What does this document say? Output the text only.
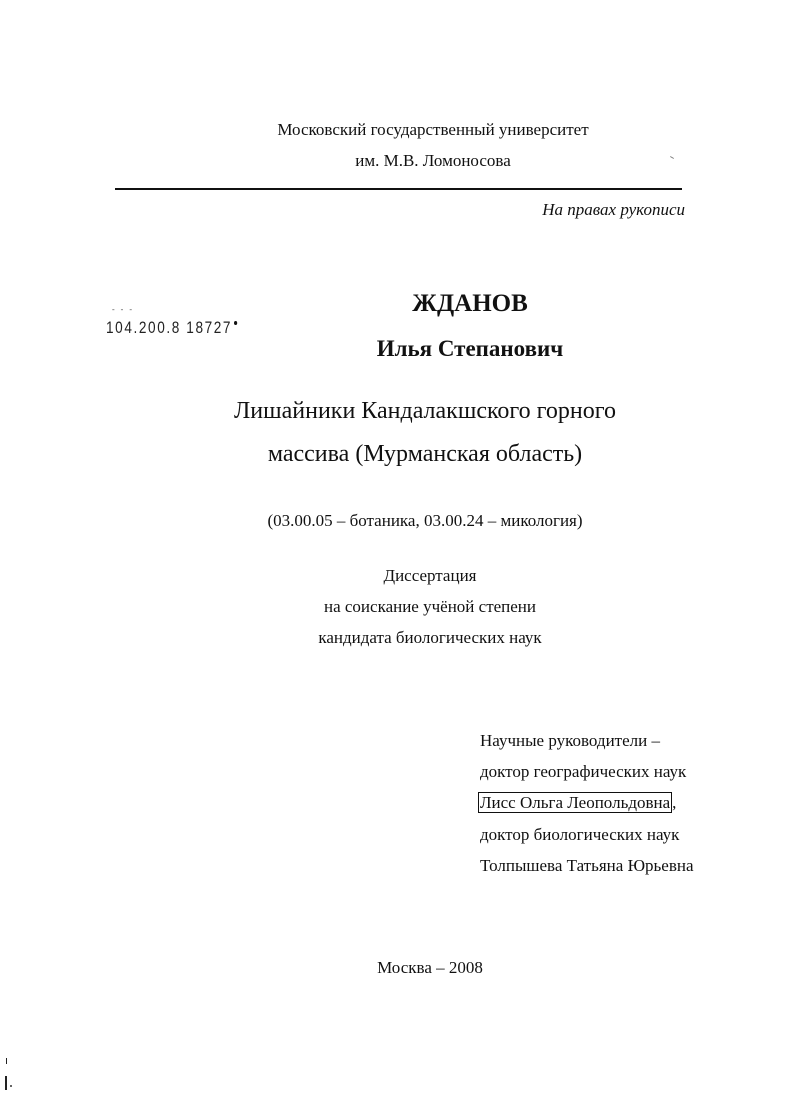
Московский государственный университет
им. М.В. Ломоносова
На правах рукописи
- - -
104.200.8 18727
ЖДАНОВ
Илья Степанович
Лишайники Кандалакшского горного
массива (Мурманская область)
(03.00.05 – ботаника, 03.00.24 – микология)
Диссертация
на соискание учёной степени
кандидата биологических наук
Научные руководители –
доктор географических наук
Лисс Ольга Леопольдовна ,
доктор биологических наук
Толпышева Татьяна Юрьевна
Москва – 2008
